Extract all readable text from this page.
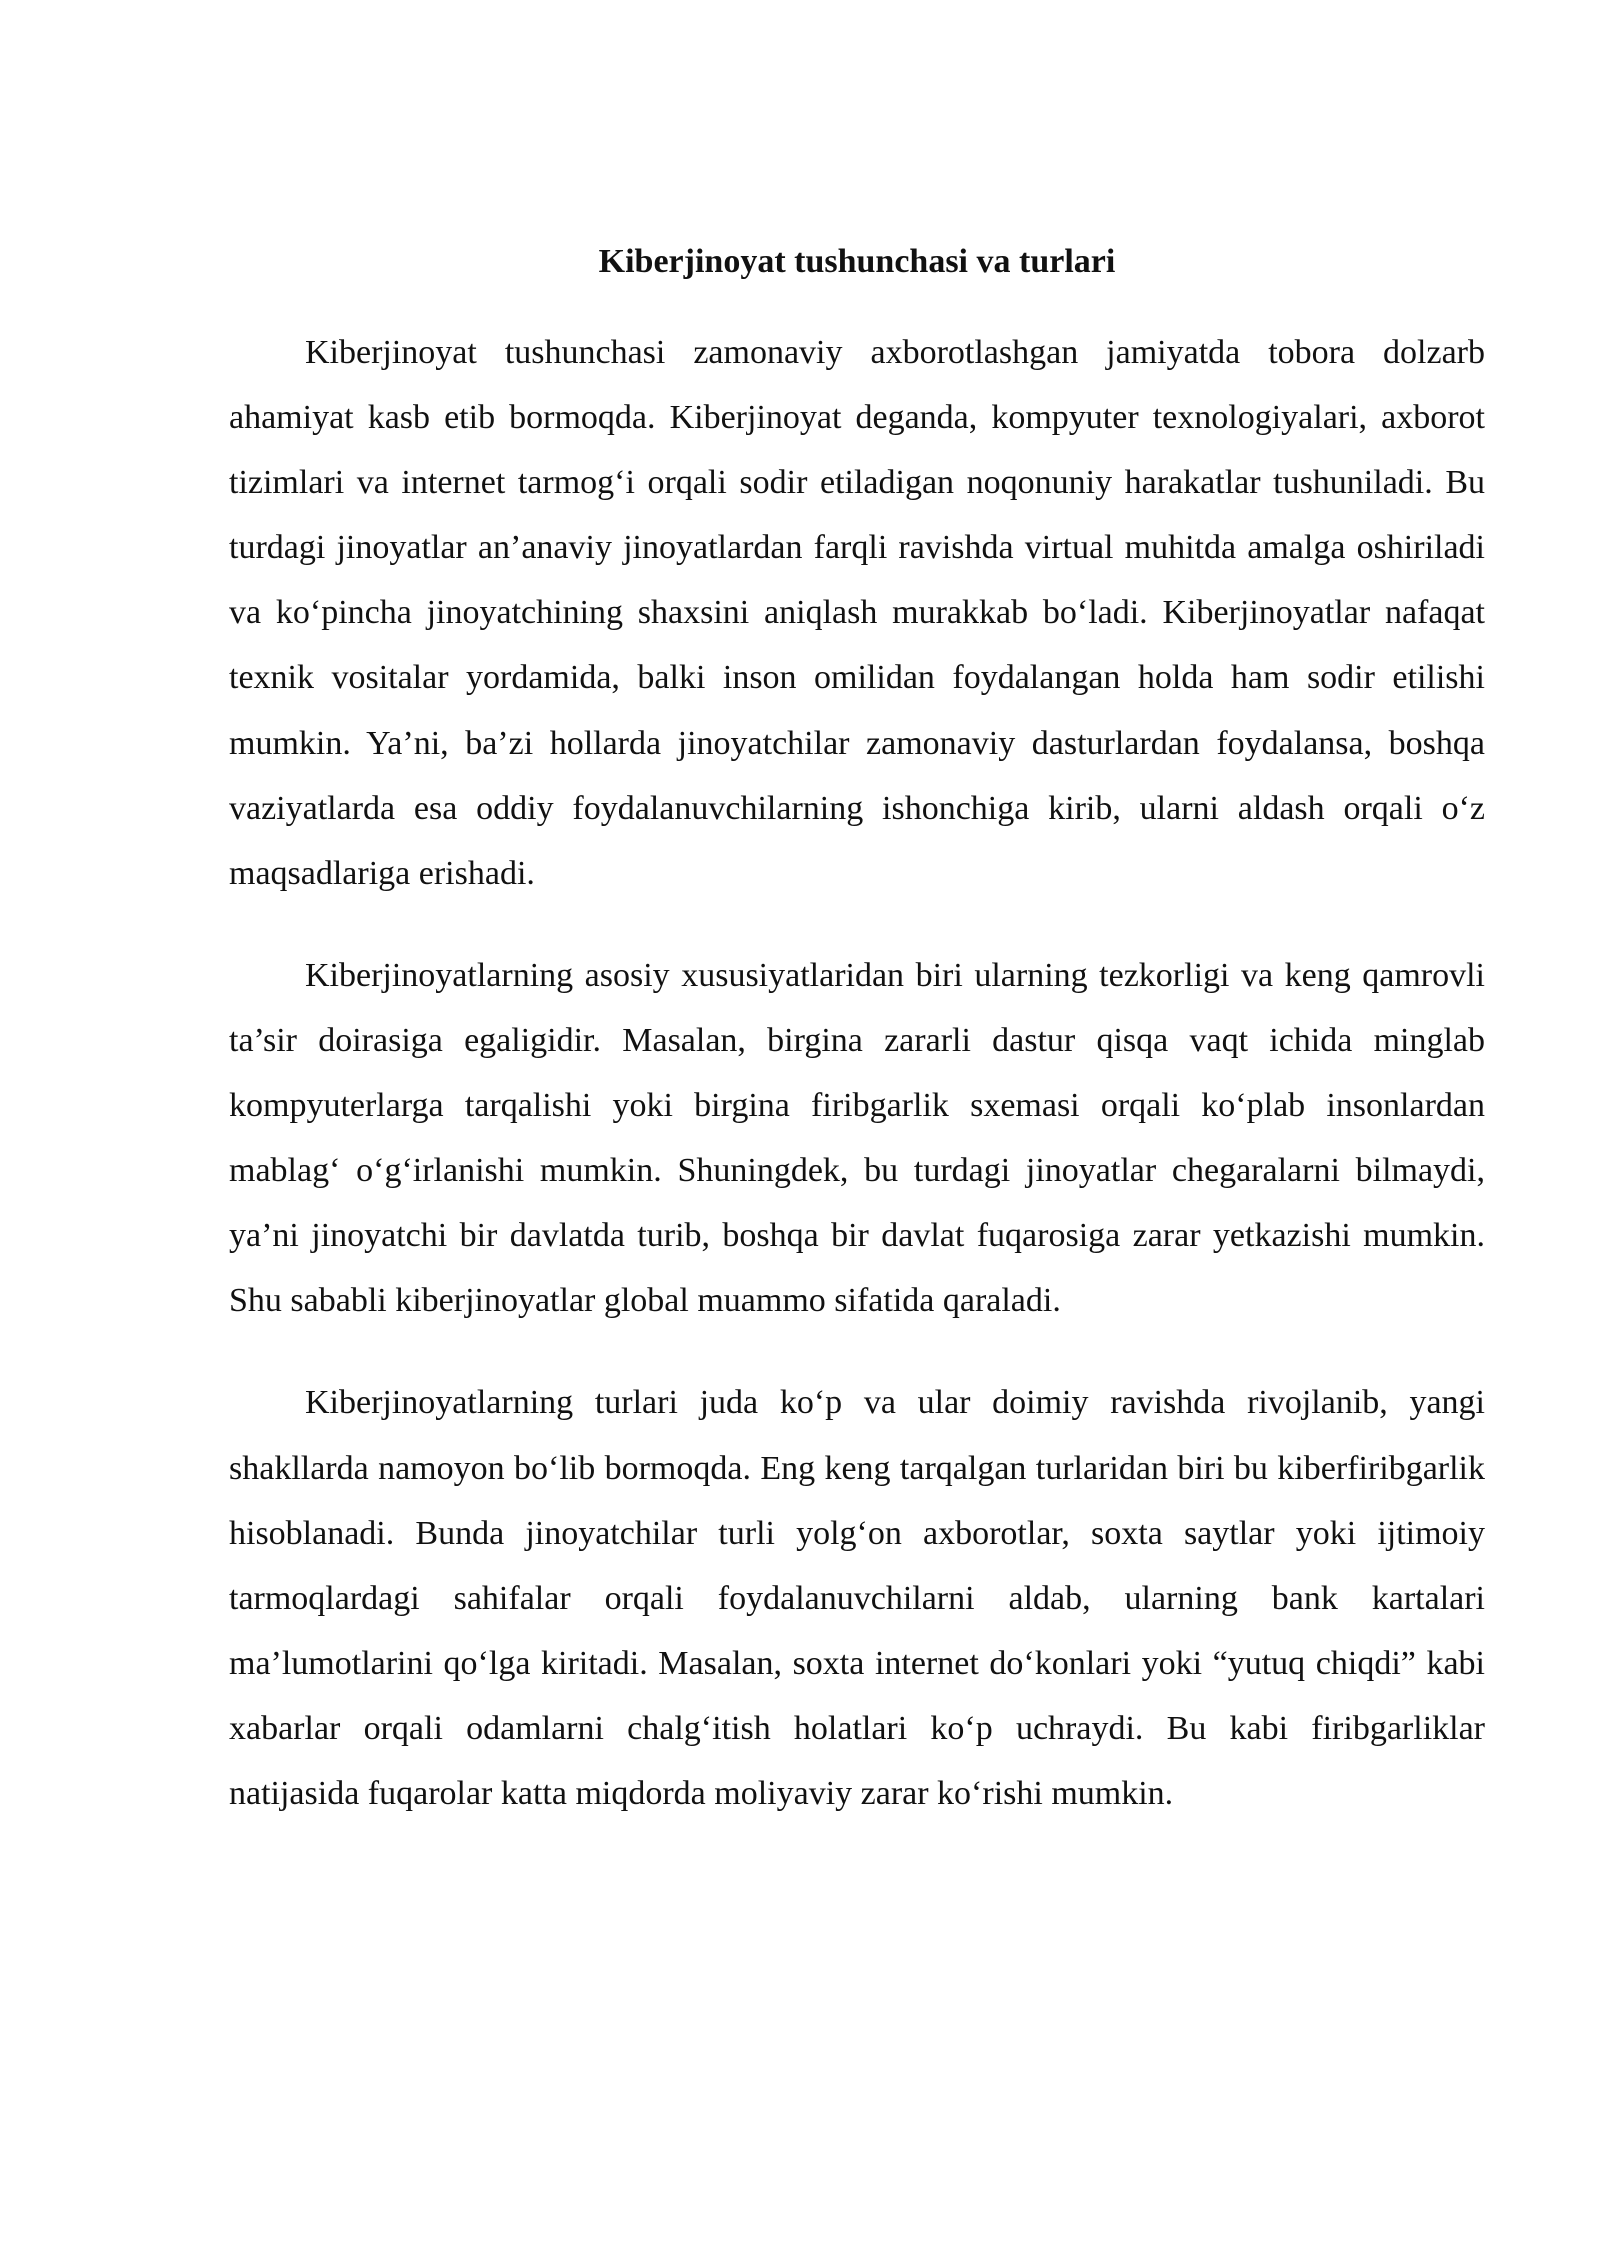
Kiberjinoyat tushunchasi va turlari

Kiberjinoyat tushunchasi zamonaviy axborotlashgan jamiyatda tobora dolzarb ahamiyat kasb etib bormoqda. Kiberjinoyat deganda, kompyuter texnologiyalari, axborot tizimlari va internet tarmog‘i orqali sodir etiladigan noqonuniy harakatlar tushuniladi. Bu turdagi jinoyatlar an’anaviy jinoyatlardan farqli ravishda virtual muhitda amalga oshiriladi va ko‘pincha jinoyatchining shaxsini aniqlash murakkab bo‘ladi. Kiberjinoyatlar nafaqat texnik vositalar yordamida, balki inson omilidan foydalangan holda ham sodir etilishi mumkin. Ya’ni, ba’zi hollarda jinoyatchilar zamonaviy dasturlardan foydalansa, boshqa vaziyatlarda esa oddiy foydalanuvchilarning ishonchiga kirib, ularni aldash orqali o‘z maqsadlariga erishadi.

Kiberjinoyatlarning asosiy xususiyatlaridan biri ularning tezkorligi va keng qamrovli ta’sir doirasiga egaligidir. Masalan, birgina zararli dastur qisqa vaqt ichida minglab kompyuterlarga tarqalishi yoki birgina firibgarlik sxemasi orqali ko‘plab insonlardan mablag‘ o‘g‘irlanishi mumkin. Shuningdek, bu turdagi jinoyatlar chegaralarni bilmaydi, ya’ni jinoyatchi bir davlatda turib, boshqa bir davlat fuqarosiga zarar yetkazishi mumkin. Shu sababli kiberjinoyatlar global muammo sifatida qaraladi.

Kiberjinoyatlarning turlari juda ko‘p va ular doimiy ravishda rivojlanib, yangi shakllarda namoyon bo‘lib bormoqda. Eng keng tarqalgan turlaridan biri bu kiberfiribgarlik hisoblanadi. Bunda jinoyatchilar turli yolg‘on axborotlar, soxta saytlar yoki ijtimoiy tarmoqlardagi sahifalar orqali foydalanuvchilarni aldab, ularning bank kartalari ma’lumotlarini qo‘lga kiritadi. Masalan, soxta internet do‘konlari yoki “yutuq chiqdi” kabi xabarlar orqali odamlarni chalg‘itish holatlari ko‘p uchraydi. Bu kabi firibgarliklar natijasida fuqarolar katta miqdorda moliyaviy zarar ko‘rishi mumkin.
